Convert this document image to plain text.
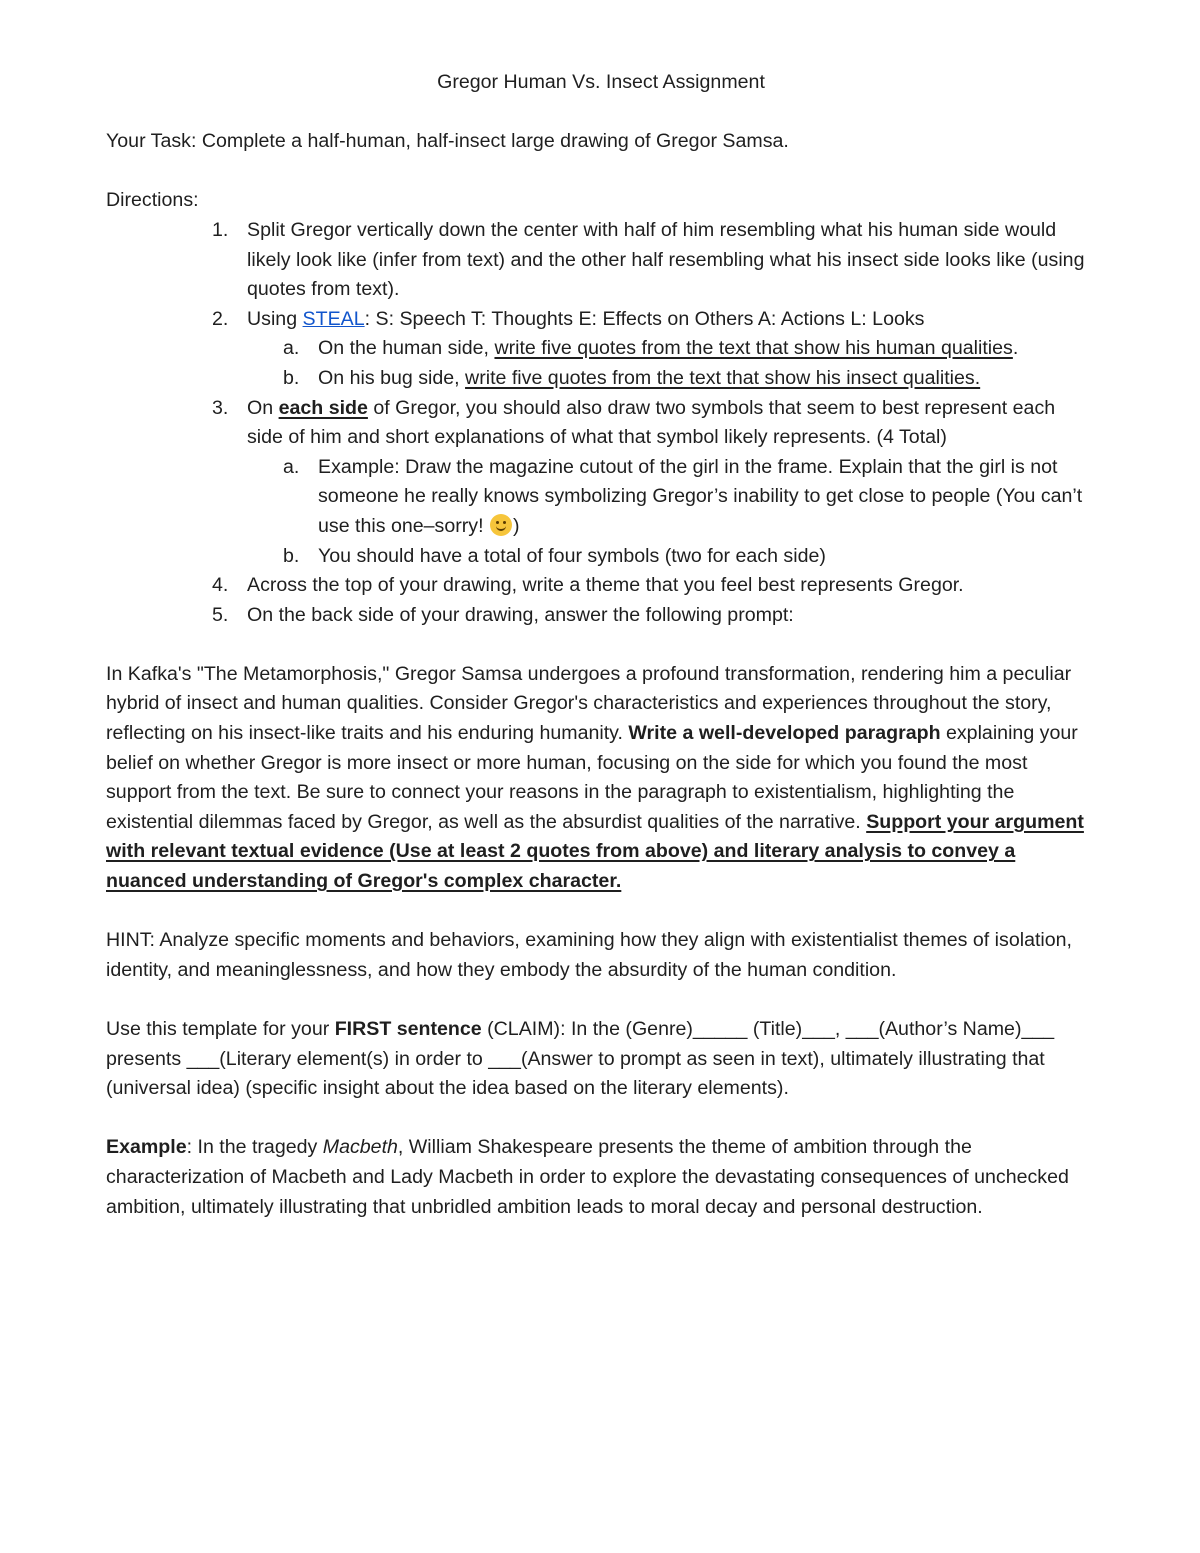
Gregor Human Vs. Insect Assignment

Your Task: Complete a half-human, half-insect large drawing of Gregor Samsa.

Directions:

1. Split Gregor vertically down the center with half of him resembling what his human side would likely look like (infer from text) and the other half resembling what his insect side looks like (using quotes from text).
2. Using STEAL: S: Speech T: Thoughts E: Effects on Others A: Actions L: Looks
a. On the human side, write five quotes from the text that show his human qualities.
b. On his bug side, write five quotes from the text that show his insect qualities.
3. On each side of Gregor, you should also draw two symbols that seem to best represent each side of him and short explanations of what that symbol likely represents. (4 Total)
a. Example: Draw the magazine cutout of the girl in the frame. Explain that the girl is not someone he really knows symbolizing Gregor’s inability to get close to people (You can’t use this one–sorry! )
b. You should have a total of four symbols (two for each side)
4. Across the top of your drawing, write a theme that you feel best represents Gregor.
5. On the back side of your drawing, answer the following prompt:

In Kafka's "The Metamorphosis," Gregor Samsa undergoes a profound transformation, rendering him a peculiar hybrid of insect and human qualities. Consider Gregor's characteristics and experiences throughout the story, reflecting on his insect-like traits and his enduring humanity. Write a well-developed paragraph explaining your belief on whether Gregor is more insect or more human, focusing on the side for which you found the most support from the text. Be sure to connect your reasons in the paragraph to existentialism, highlighting the existential dilemmas faced by Gregor, as well as the absurdist qualities of the narrative. Support your argument with relevant textual evidence (Use at least 2 quotes from above) and literary analysis to convey a nuanced understanding of Gregor's complex character.

HINT: Analyze specific moments and behaviors, examining how they align with existentialist themes of isolation, identity, and meaninglessness, and how they embody the absurdity of the human condition.

Use this template for your FIRST sentence (CLAIM): In the (Genre)_____ (Title)___, ___(Author’s Name)___ presents ___(Literary element(s) in order to ___(Answer to prompt as seen in text), ultimately illustrating that (universal idea) (specific insight about the idea based on the literary elements).

Example: In the tragedy Macbeth, William Shakespeare presents the theme of ambition through the characterization of Macbeth and Lady Macbeth in order to explore the devastating consequences of unchecked ambition, ultimately illustrating that unbridled ambition leads to moral decay and personal destruction.
